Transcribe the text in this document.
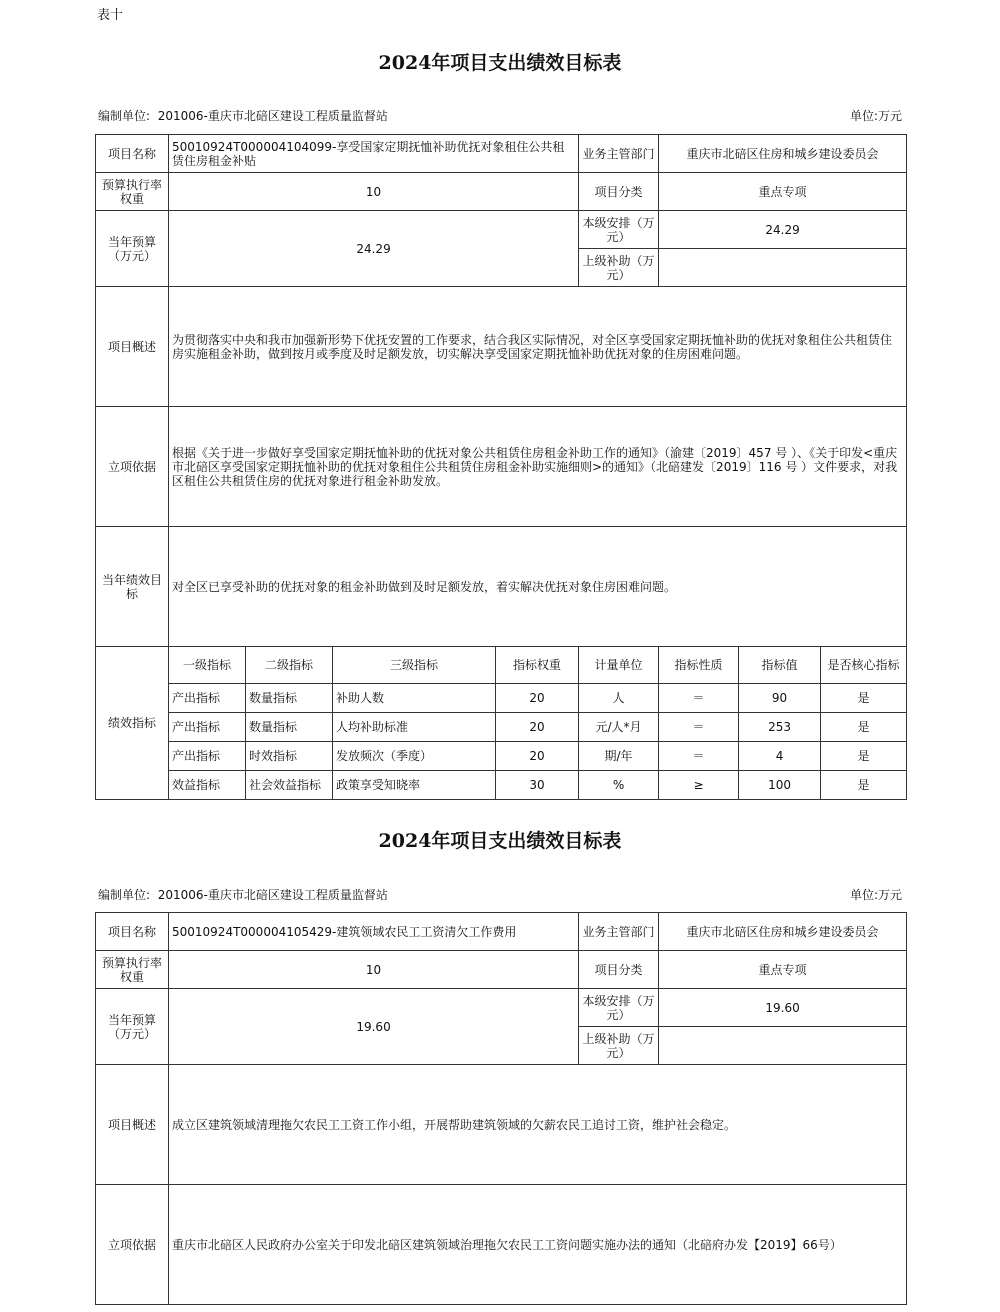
表十
2024年项目支出绩效目标表
编制单位: 201006-重庆市北碚区建设工程质量监督站	单位:万元
项目名称	50010924T000004104099-享受国家定期抚恤补助优抚对象租住公共租赁住房租金补贴				业务主管部门	重庆市北碚区住房和城乡建设委员会		
预算执行率权重	10				项目分类	重点专项		
当年预算（万元）	24.29				本级安排（万元）	24.29		
					上级补助（万元）			
项目概述	为贯彻落实中央和我市加强新形势下优抚安置的工作要求，结合我区实际情况，对全区享受国家定期抚恤补助的优抚对象租住公共租赁住房实施租金补助，做到按月或季度及时足额发放，切实解决享受国家定期抚恤补助优抚对象的住房困难问题。							
立项依据	根据《关于进一步做好享受国家定期抚恤补助的优抚对象公共租赁住房租金补助工作的通知》（渝建〔2019〕457 号 ）、《关于印发<重庆市北碚区享受国家定期抚恤补助的优抚对象租住公共租赁住房租金补助实施细则>的通知》（北碚建发〔2019〕116 号 ）文件要求，对我区租住公共租赁住房的优抚对象进行租金补助发放。							
当年绩效目标	对全区已享受补助的优抚对象的租金补助做到及时足额发放，着实解决优抚对象住房困难问题。							
绩效指标	一级指标	二级指标	三级指标	指标权重	计量单位	指标性质	指标值	是否核心指标
	产出指标	数量指标	补助人数	20	人	＝	90	是
	产出指标	数量指标	人均补助标准	20	元/人*月	＝	253	是
	产出指标	时效指标	发放频次（季度）	20	期/年	＝	4	是
	效益指标	社会效益指标	政策享受知晓率	30	%	≥	100	是
2024年项目支出绩效目标表
编制单位: 201006-重庆市北碚区建设工程质量监督站	单位:万元
项目名称	50010924T000004105429-建筑领域农民工工资清欠工作费用	业务主管部门	重庆市北碚区住房和城乡建设委员会
预算执行率权重	10	项目分类	重点专项
当年预算（万元）	19.60	本级安排（万元）	19.60
		上级补助（万元）	
项目概述	成立区建筑领域清理拖欠农民工工资工作小组，开展帮助建筑领域的欠薪农民工追讨工资，维护社会稳定。		
立项依据	重庆市北碚区人民政府办公室关于印发北碚区建筑领域治理拖欠农民工工资问题实施办法的通知（北碚府办发【2019】66号）		
